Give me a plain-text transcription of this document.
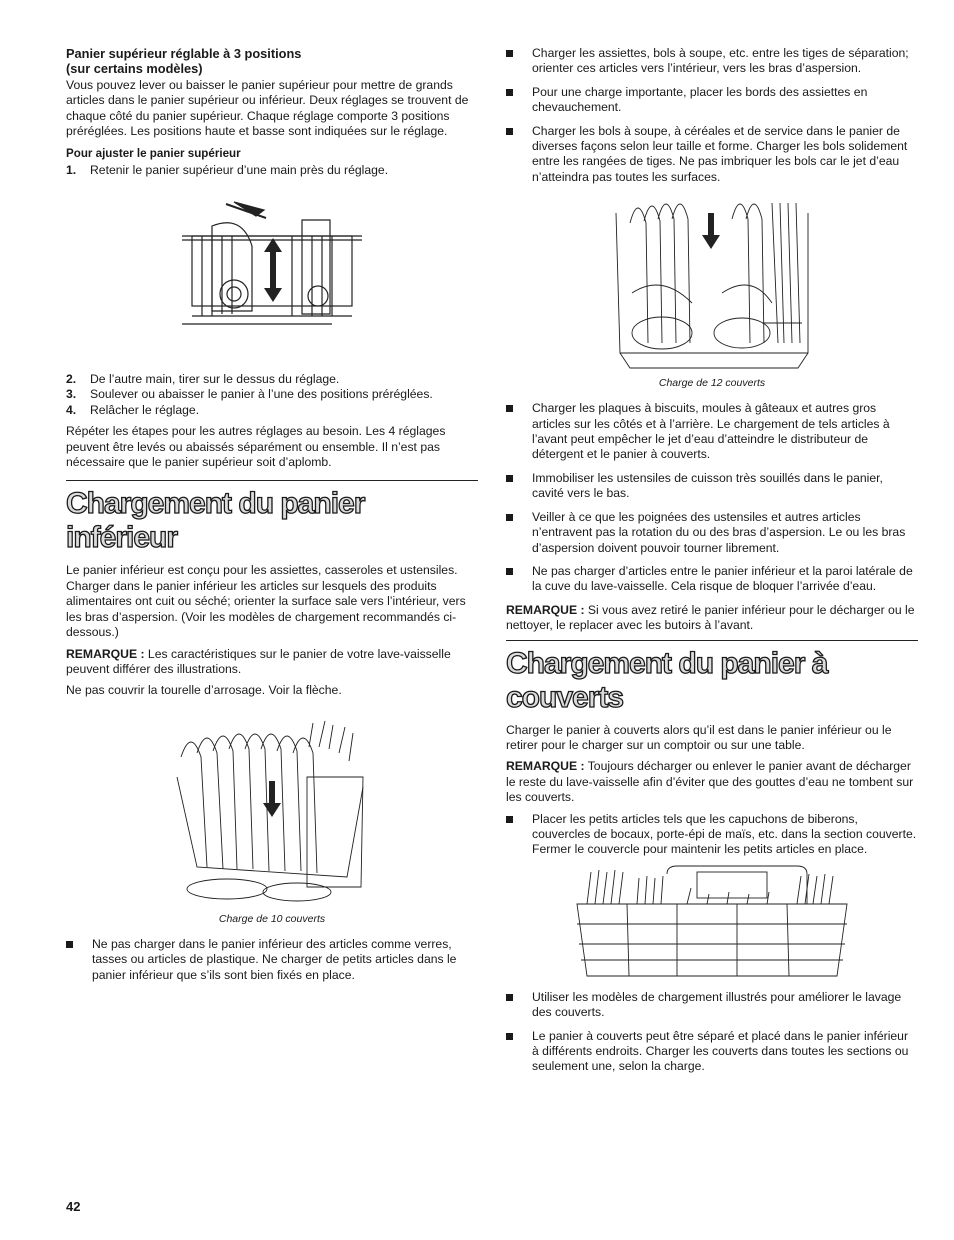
Panier supérieur réglable à 3 positions
(sur certains modèles)

Vous pouvez lever ou baisser le panier supérieur pour mettre de grands articles dans le panier supérieur ou inférieur. Deux réglages se trouvent de chaque côté du panier supérieur. Chaque réglage comporte 3 positions préréglées. Les positions haute et basse sont indiquées sur le réglage.

Pour ajuster le panier supérieur
1.	Retenir le panier supérieur d’une main près du réglage.
2.	De l’autre main, tirer sur le dessus du réglage.
3.	Soulever ou abaisser le panier à l’une des positions préréglées.
4.	Relâcher le réglage.

Répéter les étapes pour les autres réglages au besoin. Les 4 réglages peuvent être levés ou abaissés séparément ou ensemble. Il n’est pas nécessaire que le panier supérieur soit d’aplomb.

Chargement du panier inférieur

Le panier inférieur est conçu pour les assiettes, casseroles et ustensiles. Charger dans le panier inférieur les articles sur lesquels des produits alimentaires ont cuit ou séché; orienter la surface sale vers l’intérieur, vers les bras d’aspersion. (Voir les modèles de chargement recommandés ci-dessous.)

REMARQUE : Les caractéristiques sur le panier de votre lave-vaisselle peuvent différer des illustrations.

Ne pas couvrir la tourelle d’arrosage. Voir la flèche.

Charge de 10 couverts
Ne pas charger dans le panier inférieur des articles comme verres, tasses ou articles de plastique. Ne charger de petits articles dans le panier inférieur que s’ils sont bien fixés en place.
Charger les assiettes, bols à soupe, etc. entre les tiges de séparation; orienter ces articles vers l’intérieur, vers les bras d’aspersion.
Pour une charge importante, placer les bords des assiettes en chevauchement.
Charger les bols à soupe, à céréales et de service dans le panier de diverses façons selon leur taille et forme. Charger les bols solidement entre les rangées de tiges. Ne pas imbriquer les bols car le jet d’eau n’atteindra pas toutes les surfaces.
Charge de 12 couverts
Charger les plaques à biscuits, moules à gâteaux et autres gros articles sur les côtés et à l’arrière. Le chargement de tels articles à l’avant peut empêcher le jet d’eau d’atteindre le distributeur de détergent et le panier à couverts.
Immobiliser les ustensiles de cuisson très souillés dans le panier, cavité vers le bas.
Veiller à ce que les poignées des ustensiles et autres articles n’entravent pas la rotation du ou des bras d’aspersion. Le ou les bras d’aspersion doivent pouvoir tourner librement.
Ne pas charger d’articles entre le panier inférieur et la paroi latérale de la cuve du lave-vaisselle. Cela risque de bloquer l’arrivée d’eau.

REMARQUE : Si vous avez retiré le panier inférieur pour le décharger ou le nettoyer, le replacer avec les butoirs à l’avant.

Chargement du panier à couverts

Charger le panier à couverts alors qu’il est dans le panier inférieur ou le retirer pour le charger sur un comptoir ou sur une table.

REMARQUE : Toujours décharger ou enlever le panier avant de décharger le reste du lave-vaisselle afin d’éviter que des gouttes d’eau ne tombent sur les couverts.

Placer les petits articles tels que les capuchons de biberons, couvercles de bocaux, porte-épi de maïs, etc. dans la section couverte. Fermer le couvercle pour maintenir les petits articles en place.
Utiliser les modèles de chargement illustrés pour améliorer le lavage des couverts.
Le panier à couverts peut être séparé et placé dans le panier inférieur à différents endroits. Charger les couverts dans toutes les sections ou seulement une, selon la charge.
42
